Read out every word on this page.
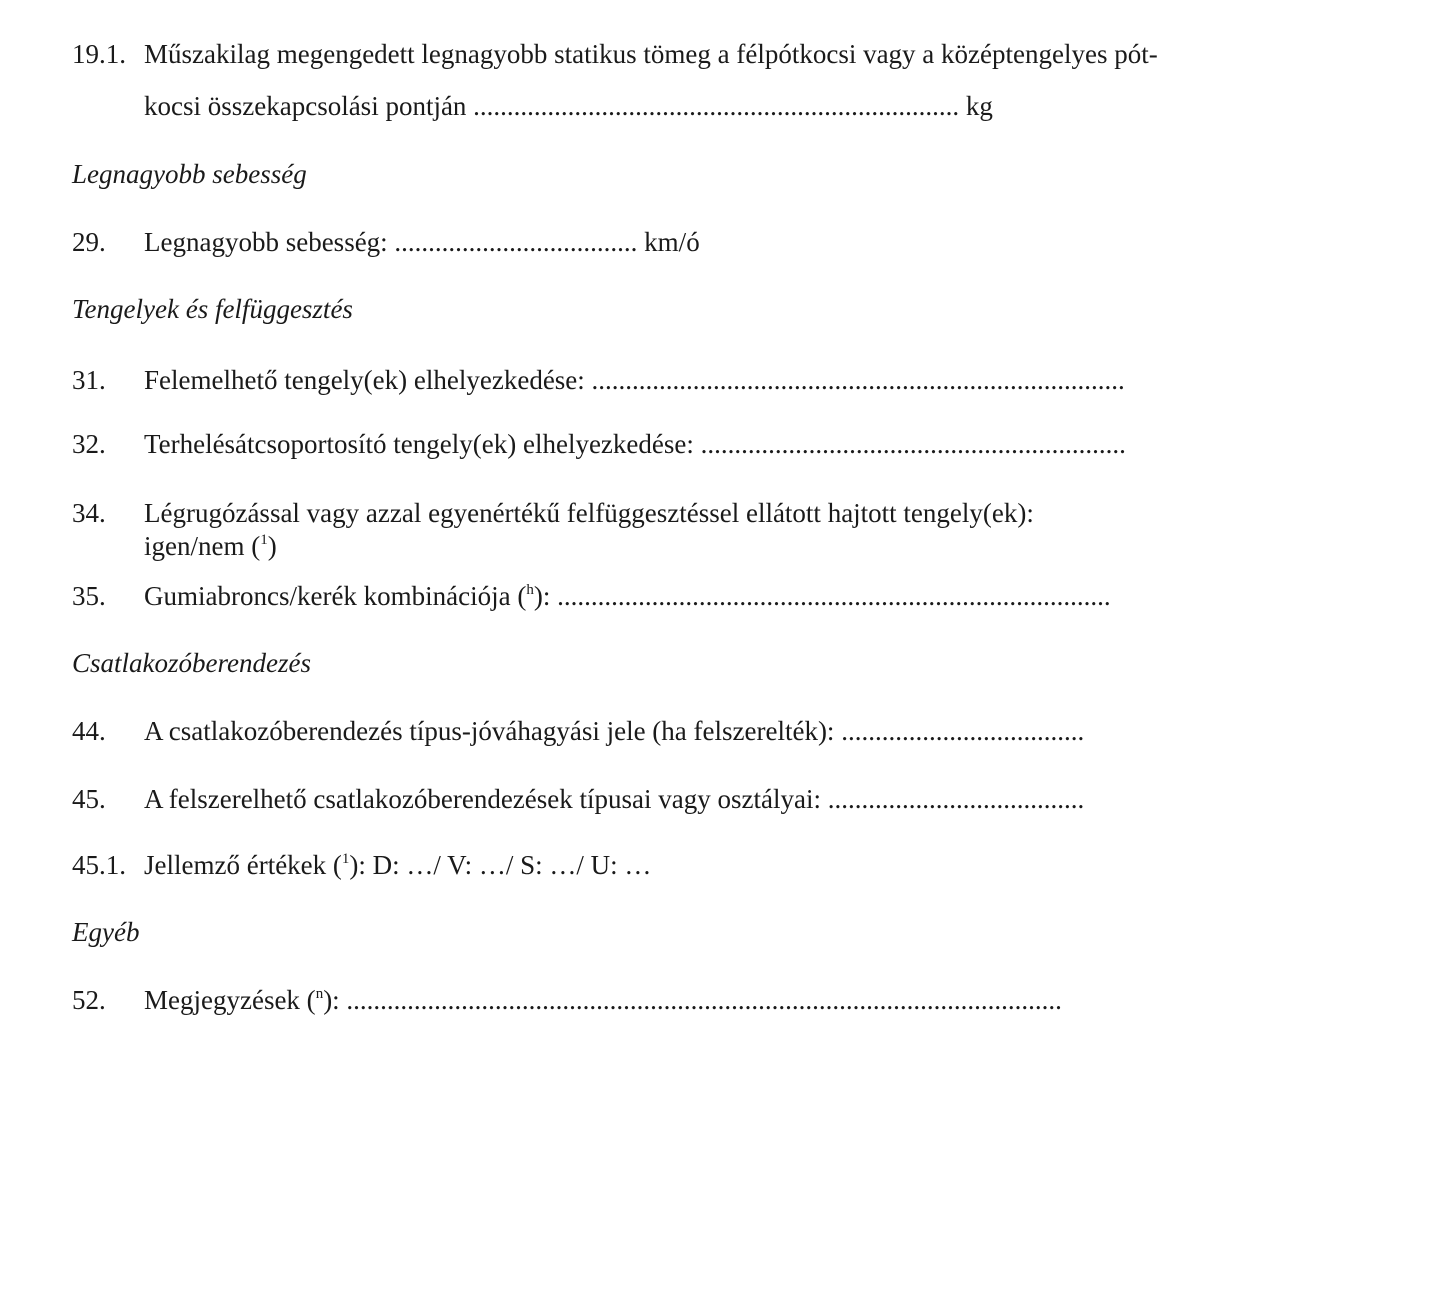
19.1. Műszakilag megengedett legnagyobb statikus tömeg a félpótkocsi vagy a középtengelyes pót-
kocsi összekapcsolási pontján ........................................................................ kg
Legnagyobb sebesség
29. Legnagyobb sebesség: .................................... km/ó
Tengelyek és felfüggesztés
31. Felemelhető tengely(ek) elhelyezkedése: ...............................................................................
32. Terhelésátcsoportosító tengely(ek) elhelyezkedése: ...............................................................
34. Légrugózással vagy azzal egyenértékű felfüggesztéssel ellátott hajtott tengely(ek):
igen/nem ($^1$)
35. Gumiabroncs/kerék kombinációja ($^h$): ..................................................................................
Csatlakozóberendezés
44. A csatlakozóberendezés típus-jóváhagyási jele (ha felszerelték): ....................................
45. A felszerelhető csatlakozóberendezések típusai vagy osztályai: ......................................
45.1. Jellemző értékek ($^1$): D: …/ V: …/ S: …/ U: …
Egyéb
52. Megjegyzések ($^n$): ..........................................................................................................
